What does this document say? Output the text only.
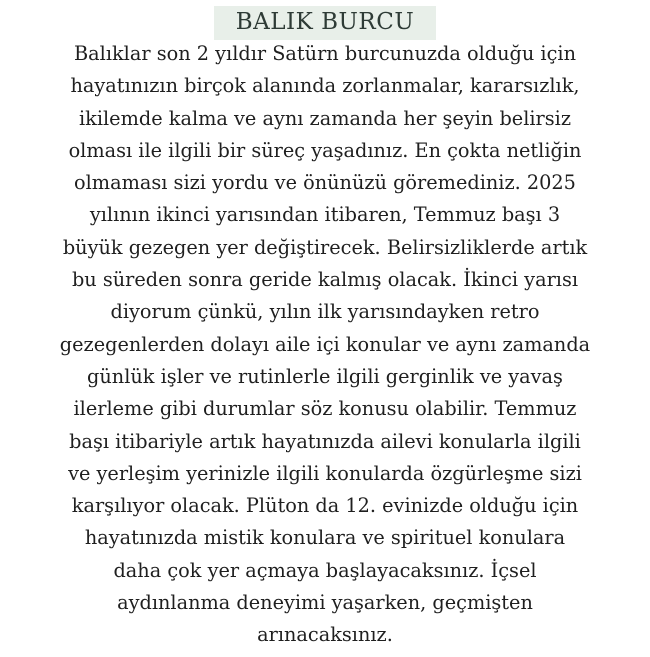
BALIK BURCU
Balıklar son 2 yıldır Satürn burcunuzda olduğu için
hayatınızın birçok alanında zorlanmalar, kararsızlık,
ikilemde kalma ve aynı zamanda her şeyin belirsiz
olması ile ilgili bir süreç yaşadınız. En çokta netliğin
olmaması sizi yordu ve önünüzü göremediniz. 2025
yılının ikinci yarısından itibaren, Temmuz başı 3
büyük gezegen yer değiştirecek. Belirsizliklerde artık
bu süreden sonra geride kalmış olacak. İkinci yarısı
diyorum çünkü, yılın ilk yarısındayken retro
gezegenlerden dolayı aile içi konular ve aynı zamanda
günlük işler ve rutinlerle ilgili gerginlik ve yavaş
ilerleme gibi durumlar söz konusu olabilir. Temmuz
başı itibariyle artık hayatınızda ailevi konularla ilgili
ve yerleşim yerinizle ilgili konularda özgürleşme sizi
karşılıyor olacak. Plüton da 12. evinizde olduğu için
hayatınızda mistik konulara ve spirituel konulara
daha çok yer açmaya başlayacaksınız. İçsel
aydınlanma deneyimi yaşarken, geçmişten
arınacaksınız.
